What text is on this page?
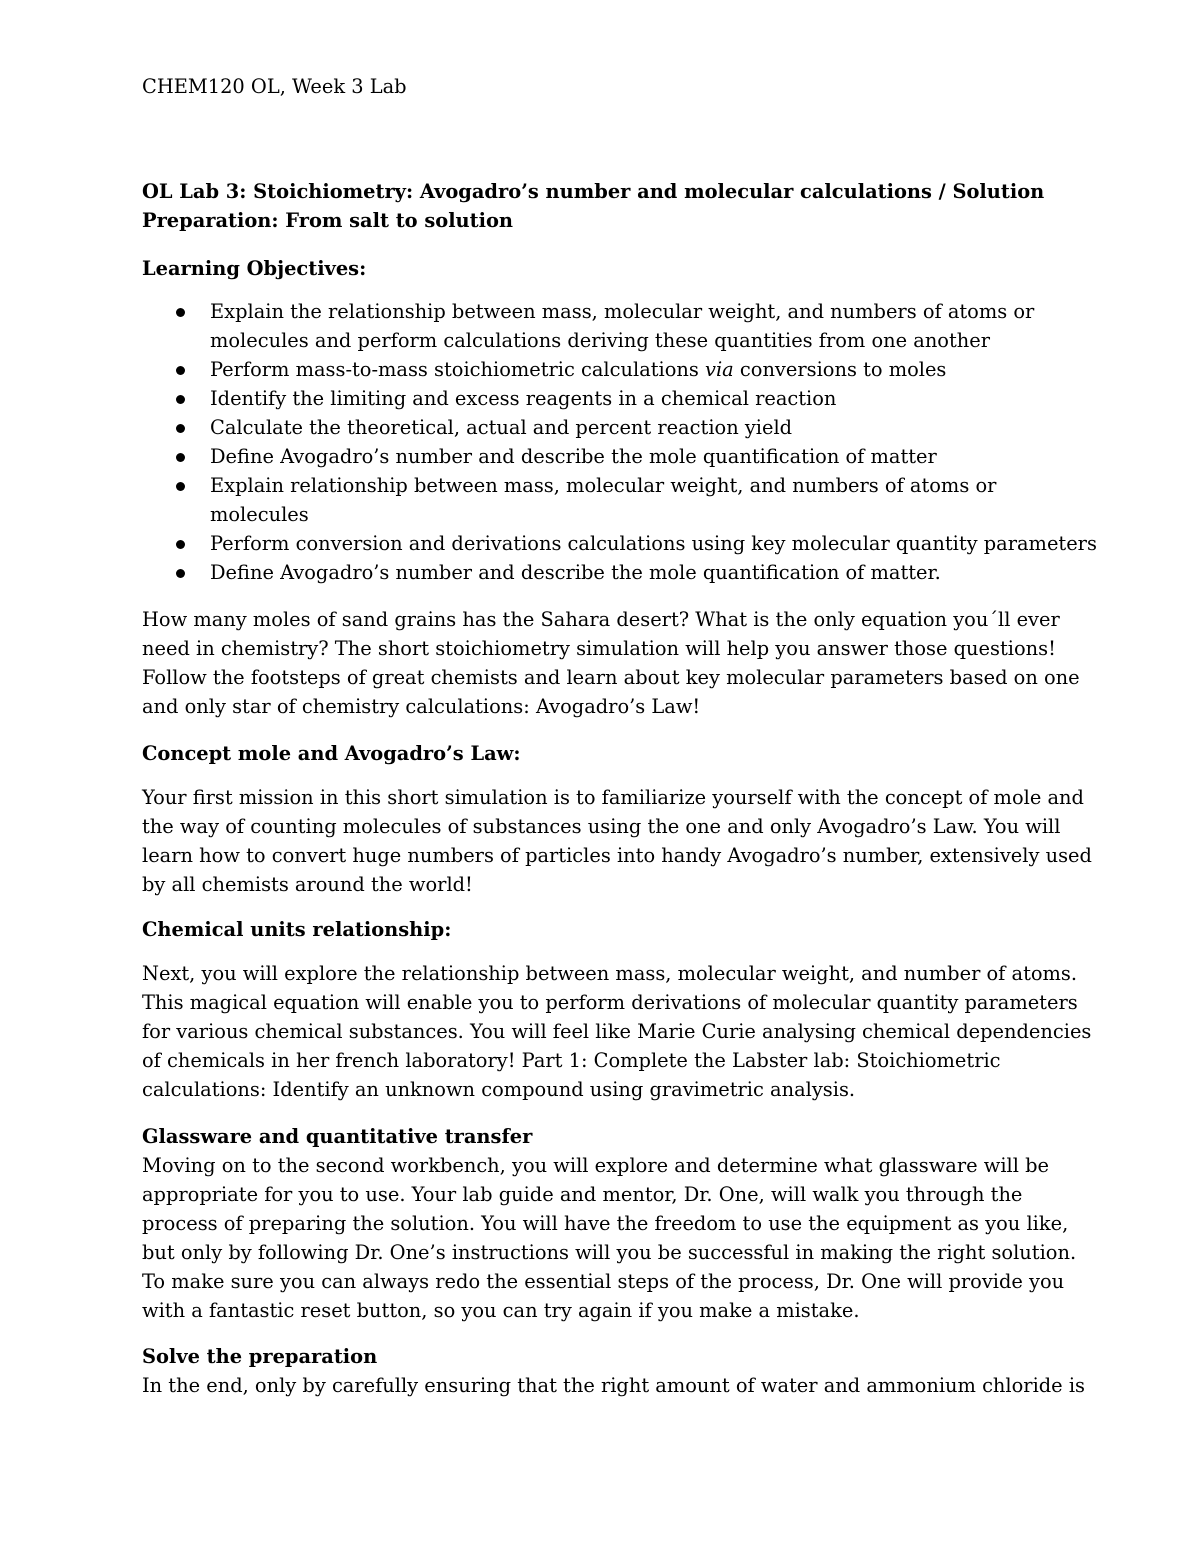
CHEM120 OL, Week 3 Lab

OL Lab 3: Stoichiometry: Avogadro’s number and molecular calculations / Solution
Preparation: From salt to solution

Learning Objectives:

Explain the relationship between mass, molecular weight, and numbers of atoms or
molecules and perform calculations deriving these quantities from one another
Perform mass-to-mass stoichiometric calculations via conversions to moles
Identify the limiting and excess reagents in a chemical reaction
Calculate the theoretical, actual and percent reaction yield
Define Avogadro’s number and describe the mole quantification of matter
Explain relationship between mass, molecular weight, and numbers of atoms or
molecules
Perform conversion and derivations calculations using key molecular quantity parameters
Define Avogadro’s number and describe the mole quantification of matter.
How many moles of sand grains has the Sahara desert? What is the only equation you´ll ever
need in chemistry? The short stoichiometry simulation will help you answer those questions!
Follow the footsteps of great chemists and learn about key molecular parameters based on one
and only star of chemistry calculations: Avogadro’s Law!

Concept mole and Avogadro’s Law:

Your first mission in this short simulation is to familiarize yourself with the concept of mole and
the way of counting molecules of substances using the one and only Avogadro’s Law. You will
learn how to convert huge numbers of particles into handy Avogadro’s number, extensively used
by all chemists around the world!

Chemical units relationship:

Next, you will explore the relationship between mass, molecular weight, and number of atoms.
This magical equation will enable you to perform derivations of molecular quantity parameters
for various chemical substances. You will feel like Marie Curie analysing chemical dependencies
of chemicals in her french laboratory! Part 1: Complete the Labster lab: Stoichiometric
calculations: Identify an unknown compound using gravimetric analysis.
Glassware and quantitative transfer
Moving on to the second workbench, you will explore and determine what glassware will be
appropriate for you to use. Your lab guide and mentor, Dr. One, will walk you through the
process of preparing the solution. You will have the freedom to use the equipment as you like,
but only by following Dr. One’s instructions will you be successful in making the right solution.
To make sure you can always redo the essential steps of the process, Dr. One will provide you
with a fantastic reset button, so you can try again if you make a mistake.
Solve the preparation
In the end, only by carefully ensuring that the right amount of water and ammonium chloride is
